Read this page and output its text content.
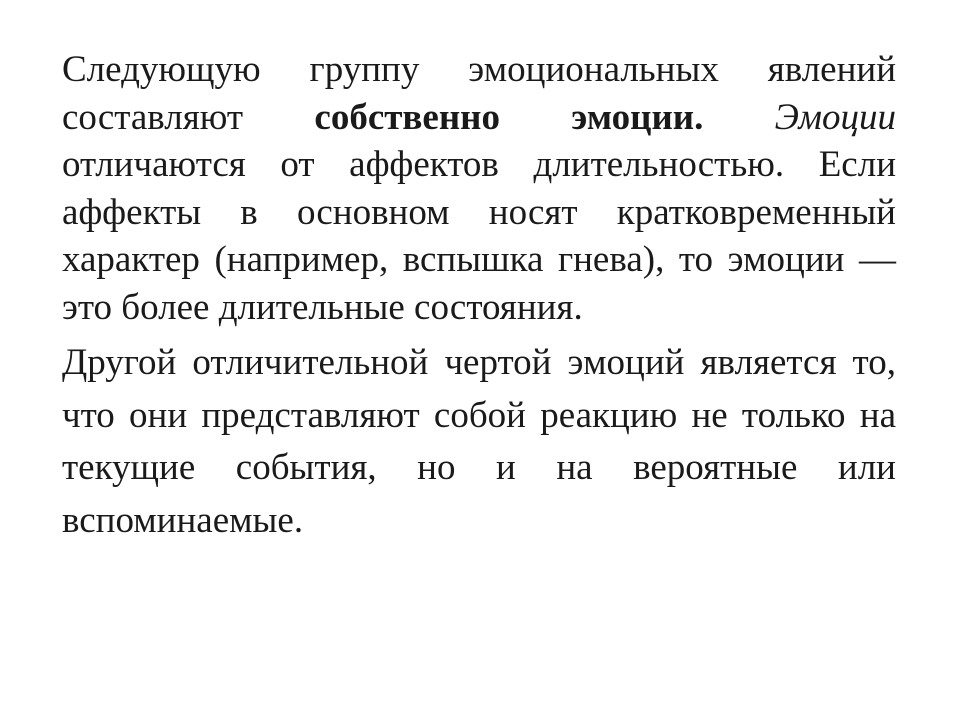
Следующую группу эмоциональных явлений составляют собственно эмоции. Эмоции отличаются от аффектов длительностью. Если аффекты в основном носят кратковременный характер (например, вспышка гнева), то эмоции — это более длительные состояния.

Другой отличительной чертой эмоций является то, что они представляют собой реакцию не только на текущие события, но и на вероятные или вспоминаемые.
